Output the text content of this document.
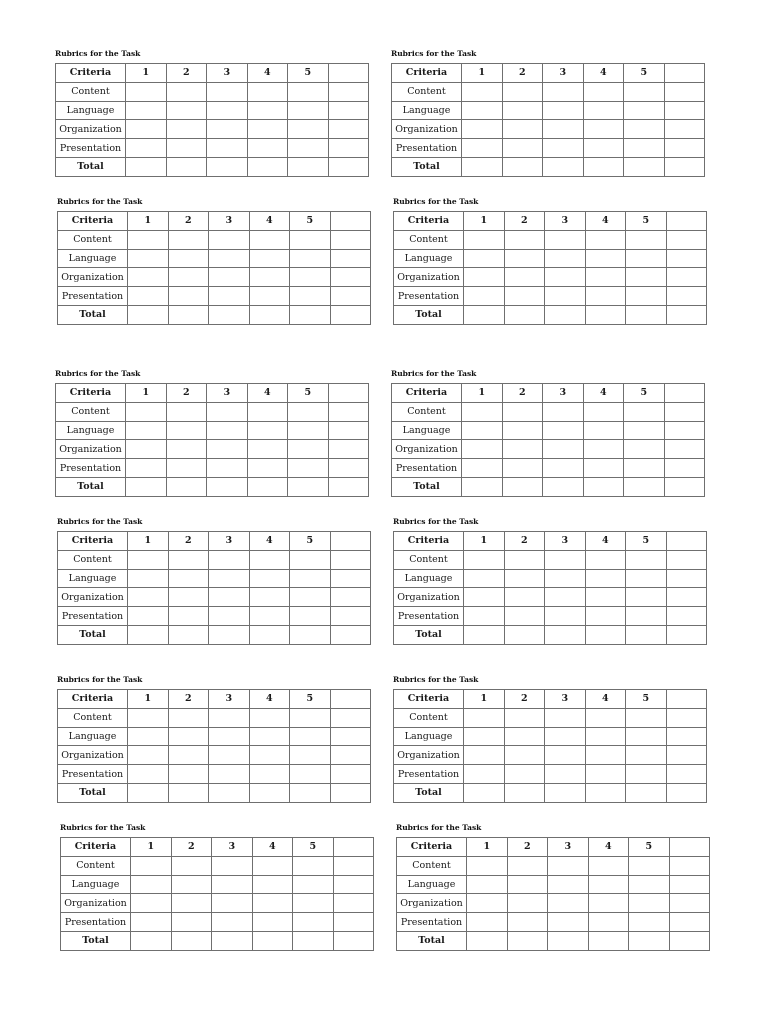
Rubrics for the Task
Criteria	1	2	3	4	5	
Content						
Language						
Organization						
Presentation						
Total						
Rubrics for the Task
Criteria	1	2	3	4	5	
Content						
Language						
Organization						
Presentation						
Total						
Rubrics for the Task
Criteria	1	2	3	4	5	
Content						
Language						
Organization						
Presentation						
Total						
Rubrics for the Task
Criteria	1	2	3	4	5	
Content						
Language						
Organization						
Presentation						
Total						
Rubrics for the Task
Criteria	1	2	3	4	5	
Content						
Language						
Organization						
Presentation						
Total						
Rubrics for the Task
Criteria	1	2	3	4	5	
Content						
Language						
Organization						
Presentation						
Total						
Rubrics for the Task
Criteria	1	2	3	4	5	
Content						
Language						
Organization						
Presentation						
Total						
Rubrics for the Task
Criteria	1	2	3	4	5	
Content						
Language						
Organization						
Presentation						
Total						
Rubrics for the Task
Criteria	1	2	3	4	5	
Content						
Language						
Organization						
Presentation						
Total						
Rubrics for the Task
Criteria	1	2	3	4	5	
Content						
Language						
Organization						
Presentation						
Total						
Rubrics for the Task
Criteria	1	2	3	4	5	
Content						
Language						
Organization						
Presentation						
Total						
Rubrics for the Task
Criteria	1	2	3	4	5	
Content						
Language						
Organization						
Presentation						
Total						
